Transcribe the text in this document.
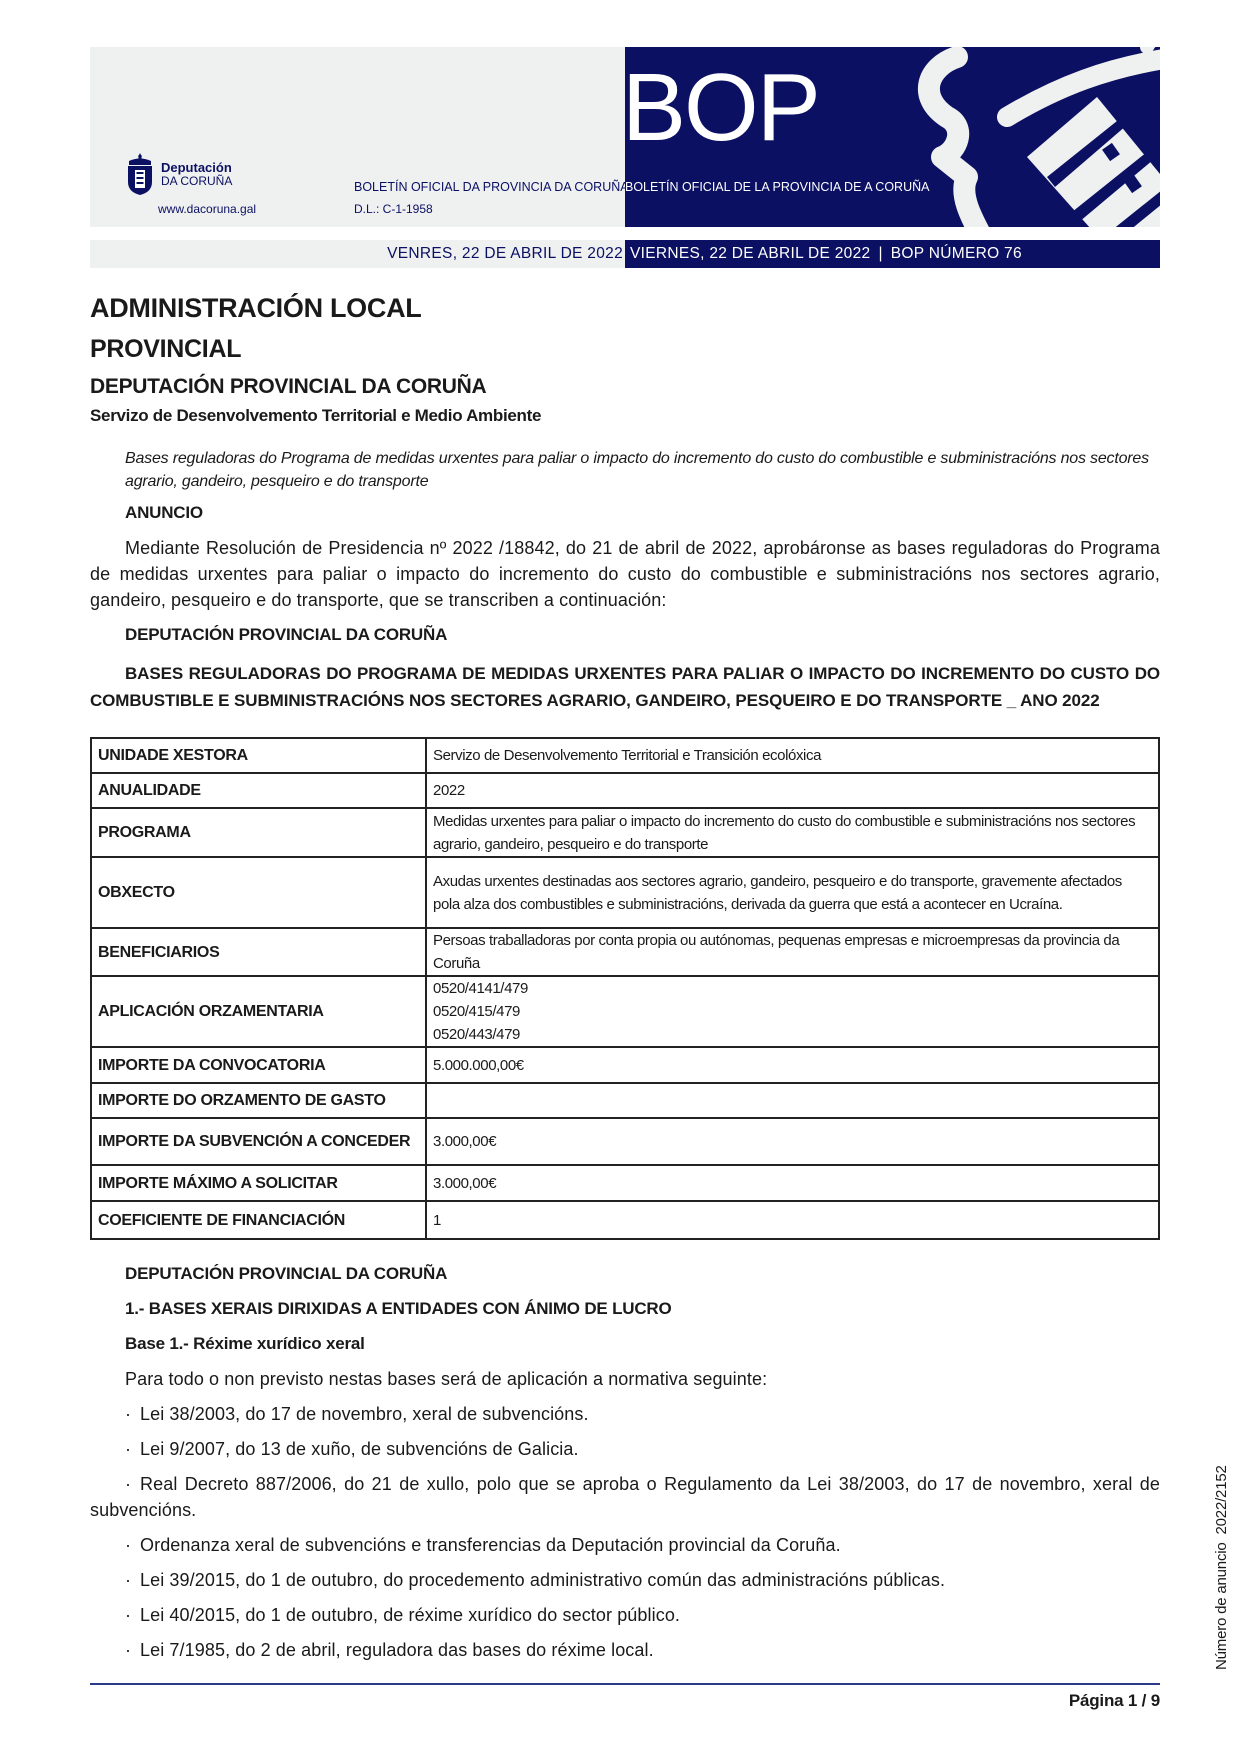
BOP
Deputación
DA CORUÑA
www.dacoruna.gal
BOLETÍN OFICIAL DA PROVINCIA DA CORUÑA
BOLETÍN OFICIAL DE LA PROVINCIA DE A CORUÑA
D.L.: C-1-1958
VENRES, 22 DE ABRIL DE 2022 VIERNES, 22 DE ABRIL DE 2022 | BOP NÚMERO 76
ADMINISTRACIÓN LOCAL
PROVINCIAL
DEPUTACIÓN PROVINCIAL DA CORUÑA
Servizo de Desenvolvemento Territorial e Medio Ambiente
Bases reguladoras do Programa de medidas urxentes para paliar o impacto do incremento do custo do combustible e subministracións nos sectores agrario, gandeiro, pesqueiro e do transporte
ANUNCIO
Mediante Resolución de Presidencia nº 2022 /18842, do 21 de abril de 2022, aprobáronse as bases reguladoras do Programa de medidas urxentes para paliar o impacto do incremento do custo do combustible e subministracións nos sectores agrario, gandeiro, pesqueiro e do transporte, que se transcriben a continuación:
DEPUTACIÓN PROVINCIAL DA CORUÑA
BASES REGULADORAS DO PROGRAMA DE MEDIDAS URXENTES PARA PALIAR O IMPACTO DO INCREMENTO DO CUSTO DO COMBUSTIBLE E SUBMINISTRACIÓNS NOS SECTORES AGRARIO, GANDEIRO, PESQUEIRO E DO TRANSPORTE _ ANO 2022
UNIDADE XESTORA	Servizo de Desenvolvemento Territorial e Transición ecolóxica
ANUALIDADE	2022
PROGRAMA	Medidas urxentes para paliar o impacto do incremento do custo do combustible e subministracións nos sectores agrario, gandeiro, pesqueiro e do transporte
OBXECTO	Axudas urxentes destinadas aos sectores agrario, gandeiro, pesqueiro e do transporte, gravemente afectados pola alza dos combustibles e subministracións, derivada da guerra que está a acontecer en Ucraína.
BENEFICIARIOS	Persoas traballadoras por conta propia ou autónomas, pequenas empresas e microempresas da provincia da Coruña
APLICACIÓN ORZAMENTARIA	0520/4141/479
0520/415/479
0520/443/479

IMPORTE DA CONVOCATORIA	5.000.000,00€
IMPORTE DO ORZAMENTO DE GASTO	
IMPORTE DA SUBVENCIÓN A CONCEDER	3.000,00€
IMPORTE MÁXIMO A SOLICITAR	3.000,00€
COEFICIENTE DE FINANCIACIÓN	1
DEPUTACIÓN PROVINCIAL DA CORUÑA
1.- BASES XERAIS DIRIXIDAS A ENTIDADES CON ÁNIMO DE LUCRO
Base 1.- Réxime xurídico xeral
Para todo o non previsto nestas bases será de aplicación a normativa seguinte:
· Lei 38/2003, do 17 de novembro, xeral de subvencións.
· Lei 9/2007, do 13 de xuño, de subvencións de Galicia.
· Real Decreto 887/2006, do 21 de xullo, polo que se aproba o Regulamento da Lei 38/2003, do 17 de novembro, xeral de subvencións.
· Ordenanza xeral de subvencións e transferencias da Deputación provincial da Coruña.
· Lei 39/2015, do 1 de outubro, do procedemento administrativo común das administracións públicas.
· Lei 40/2015, do 1 de outubro, de réxime xurídico do sector público.
· Lei 7/1985, do 2 de abril, reguladora das bases do réxime local.
Página 1 / 9
Número de anuncio2022/2152
